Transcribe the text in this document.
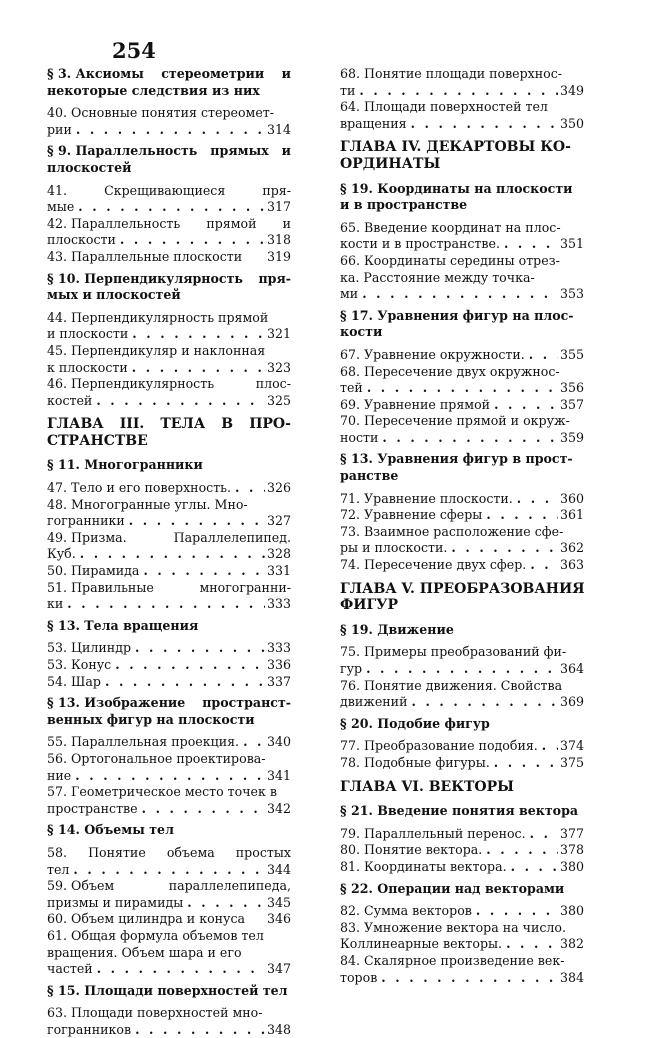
254
§ 3. Аксиомы стереометрии и
некоторые следствия из них
40. Основные понятия стереомет-
рии . . .	314
§ 9. Параллельность прямых и
плоскостей
41.	Скрещивающиеся	пря-
мые . . .	317
42. Параллельность прямой и
плоскости . . .	318
43. Параллельные плоскости 319
§ 10. Перпендикулярность пря-
мых и плоскостей
44. Перпендикулярность прямой
и плоскости . . .	321
45. Перпендикуляр и наклонная
к плоскости . . .	323
46. Перпендикулярность	плос-
костей . . .	325
ГЛАВА III. ТЕЛА В ПРО-
СТРАНСТВЕ
§ 11. Многогранники
47. Тело и его поверхность. . . .	326
48. Многогранные углы. Мно-
гогранники . . .	327
49. Призма.	Параллелепипед.
Куб. . . .	328
50. Пирамида . . .	331
51. Правильные	многогранни-
ки . . .	333
§ 13. Тела вращения
53. Цилиндр . . .	333
53. Конус . . .	336
54. Шар . . .	337
§ 13. Изображение пространст-
венных фигур на плоскости
55. Параллельная проекция. . . . 340
56. Ортогональное проектирова-
ние . . .	341
57. Геометрическое место точек в
пространстве . . .	342
§ 14. Объемы тел
58. Понятие объема простых
тел . . .	344
59. Объем	параллелепипеда,
призмы и пирамиды . . .	345
60. Объем цилиндра и конуса 346
61. Общая формула объемов тел
вращения. Объем шара и его
частей . . .	347
§ 15. Площади поверхностей тел
63. Площади поверхностей мно-
гогранников . . .	348
68. Понятие площади поверхнос-
ти . . .	349
64. Площади поверхностей тел
вращения . . .	350
ГЛАВА IV. ДЕКАРТОВЫ КО-
ОРДИНАТЫ
§ 19. Координаты на плоскости
и в пространстве
65. Введение координат на плос-
кости и в пространстве. . . .	351
66. Координаты середины отрез-
ка. Расстояние между точка-
ми . . .	353
§ 17. Уравнения фигур на плос-
кости
67. Уравнение окружности. . . .	355
68. Пересечение двух окружнос-
тей . . .	356
69. Уравнение прямой . . .	357
70. Пересечение прямой и окруж-
ности . . .	359
§ 13. Уравнения фигур в прост-
ранстве
71. Уравнение плоскости. . . .	360
72. Уравнение сферы . . .	361
73. Взаимное расположение сфе-
ры и плоскости. . . .	362
74. Пересечение двух сфер. . . .	363
ГЛАВА V. ПРЕОБРАЗОВАНИЯ
ФИГУР
§ 19. Движение
75. Примеры преобразований фи-
гур . . .	364
76. Понятие движения. Свойства
движений . . .	369
§ 20. Подобие фигур
77. Преобразование подобия. . . . 374
78. Подобные фигуры. . . .	375
ГЛАВА VI. ВЕКТОРЫ
§ 21. Введение понятия вектора
79. Параллельный перенос. . . .	377
80. Понятие вектора. . . .	378
81. Координаты вектора. . . .	380
§ 22. Операции над векторами
82. Сумма векторов . . .	380
83. Умножение вектора на число.
Коллинеарные векторы. . . .	382
84. Скалярное произведение век-
торов . . .	384
